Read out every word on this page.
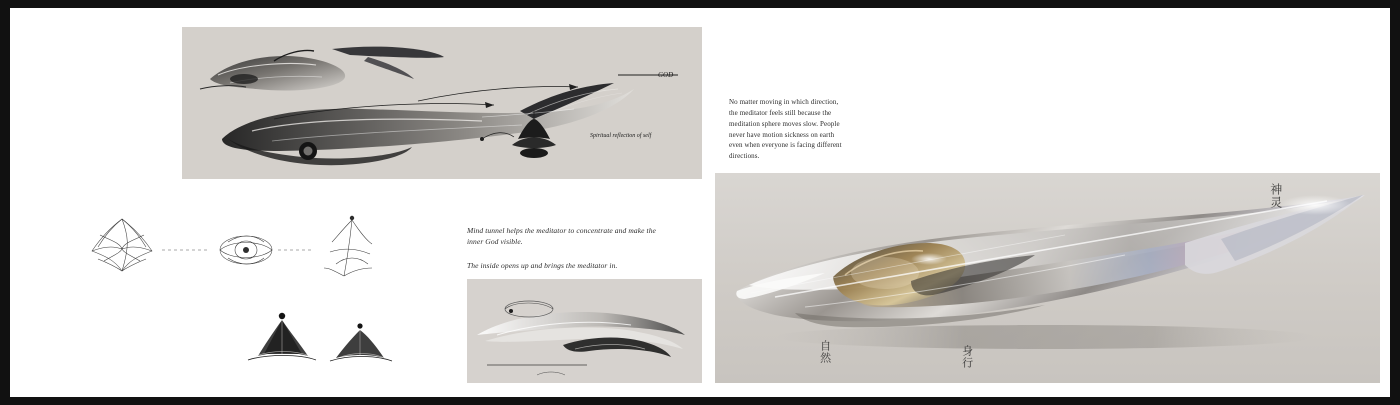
GOD
Spiritual reflection of self
Mind tunnel helps the meditator to concentrate and make the inner God visible.
The inside opens up and brings the meditator in.
No matter moving in which direction, the meditator feels still because the meditation sphere moves slow. People never have motion sickness on earth even when everyone is facing different directions.
神灵
自然	身行
